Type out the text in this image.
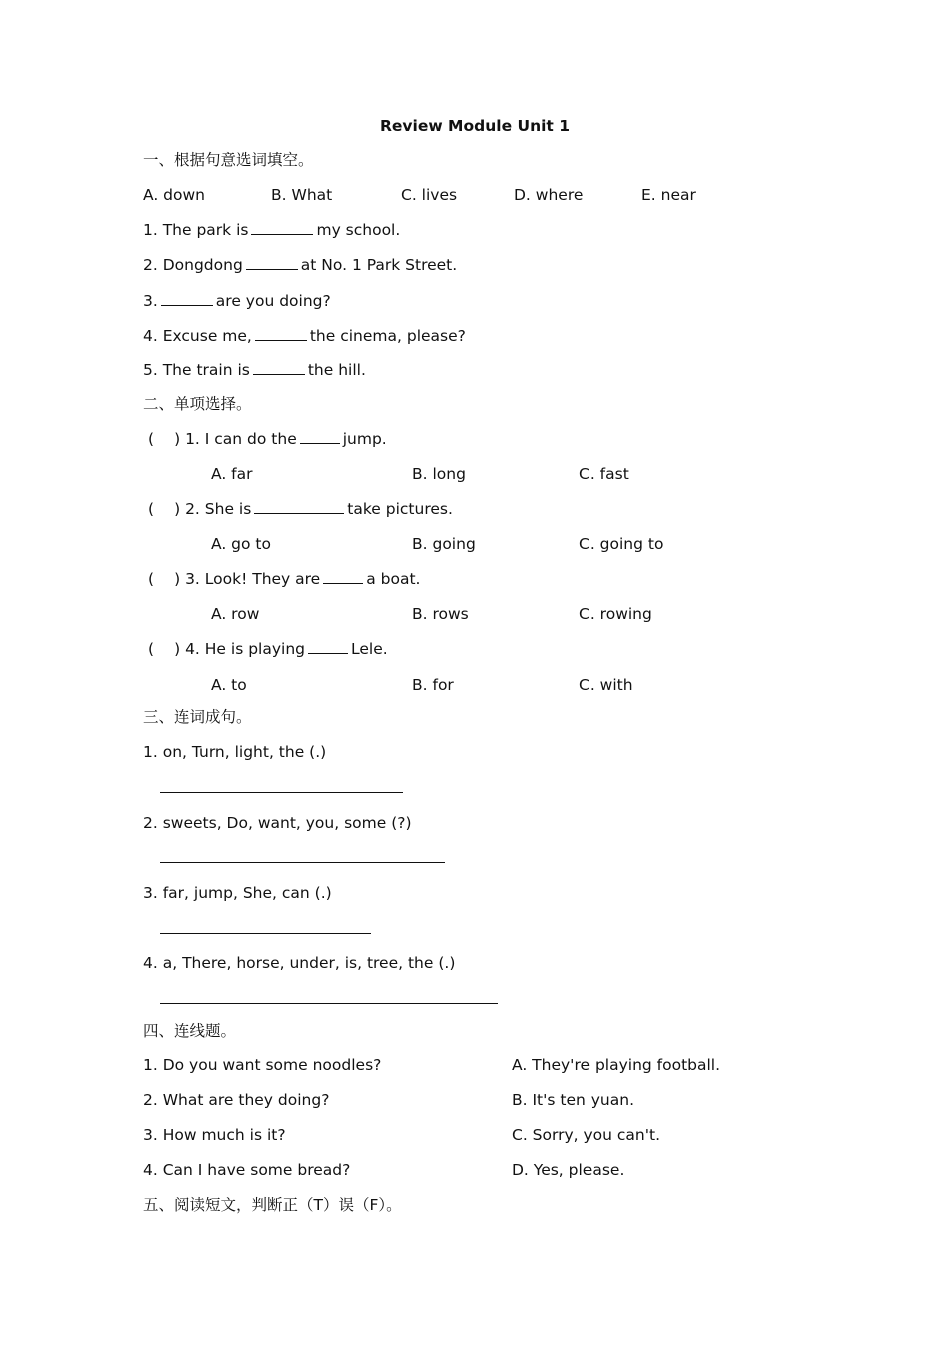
Review Module Unit 1
一、根据句意选词填空。
A. down	B. What	C. lives	D. where	E. near
1. The park is	my school.
2. Dongdong	at No. 1 Park Street.
3.	are you doing?
4. Excuse me,	the cinema, please?
5. The train is	the hill.
二、单项选择。
( ) 1. I can do the	jump.
A. far	B. long	C. fast
( ) 2. She is	take pictures.
A. go to	B. going	C. going to
( ) 3. Look! They are	a boat.
A. row	B. rows	C. rowing
( ) 4. He is playing	Lele.
A. to	B. for	C. with
三、连词成句。
1. on, Turn, light, the (.)
2. sweets, Do, want, you, some (?)
3. far, jump, She, can (.)
4. a, There, horse, under, is, tree, the (.)
四、连线题。
1. Do you want some noodles?	A. They're playing football.
2. What are they doing?	B. It's ten yuan.
3. How much is it?	C. Sorry, you can't.
4. Can I have some bread?	D. Yes, please.
五、阅读短文，判断正（T）误（F）。
